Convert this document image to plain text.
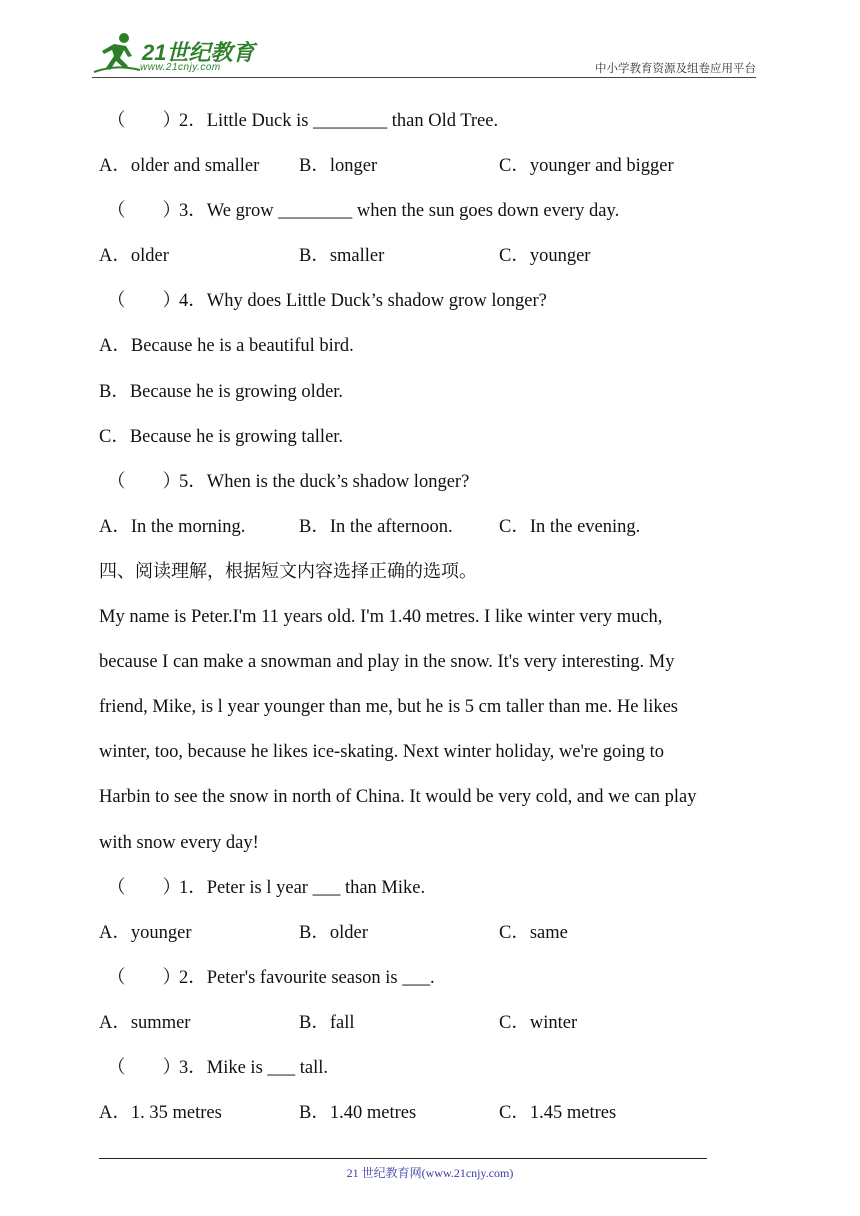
21世纪教育
www.21cnjy.com	中小学教育资源及组卷应用平台
（　　）2．Little Duck is ________ than Old Tree.
A．older and smaller	B．longer	C．younger and bigger
（　　）3．We grow ________ when the sun goes down every day.
A．older	B．smaller	C．younger
（　　）4．Why does Little Duck’s shadow grow longer?
A．Because he is a beautiful bird.
B．Because he is growing older.
C．Because he is growing taller.
（　　）5．When is the duck’s shadow longer?
A．In the morning.	B．In the afternoon.	C．In the evening.
四、阅读理解，根据短文内容选择正确的选项。
My name is Peter.I'm 11 years old. I'm 1.40 metres. I like winter very much,
because I can make a snowman and play in the snow. It's very interesting. My
friend, Mike, is l year younger than me, but he is 5 cm taller than me. He likes
winter, too, because he likes ice-skating. Next winter holiday, we're going to
Harbin to see the snow in north of China. It would be very cold, and we can play
with snow every day!
（　　）1．Peter is l year ___ than Mike.
A．younger	B．older	C．same
（　　）2．Peter's favourite season is ___.
A．summer	B．fall	C．winter
（　　）3．Mike is ___ tall.
A．1. 35 metres	B．1.40 metres	C．1.45 metres
21 世纪教育网(www.21cnjy.com)
